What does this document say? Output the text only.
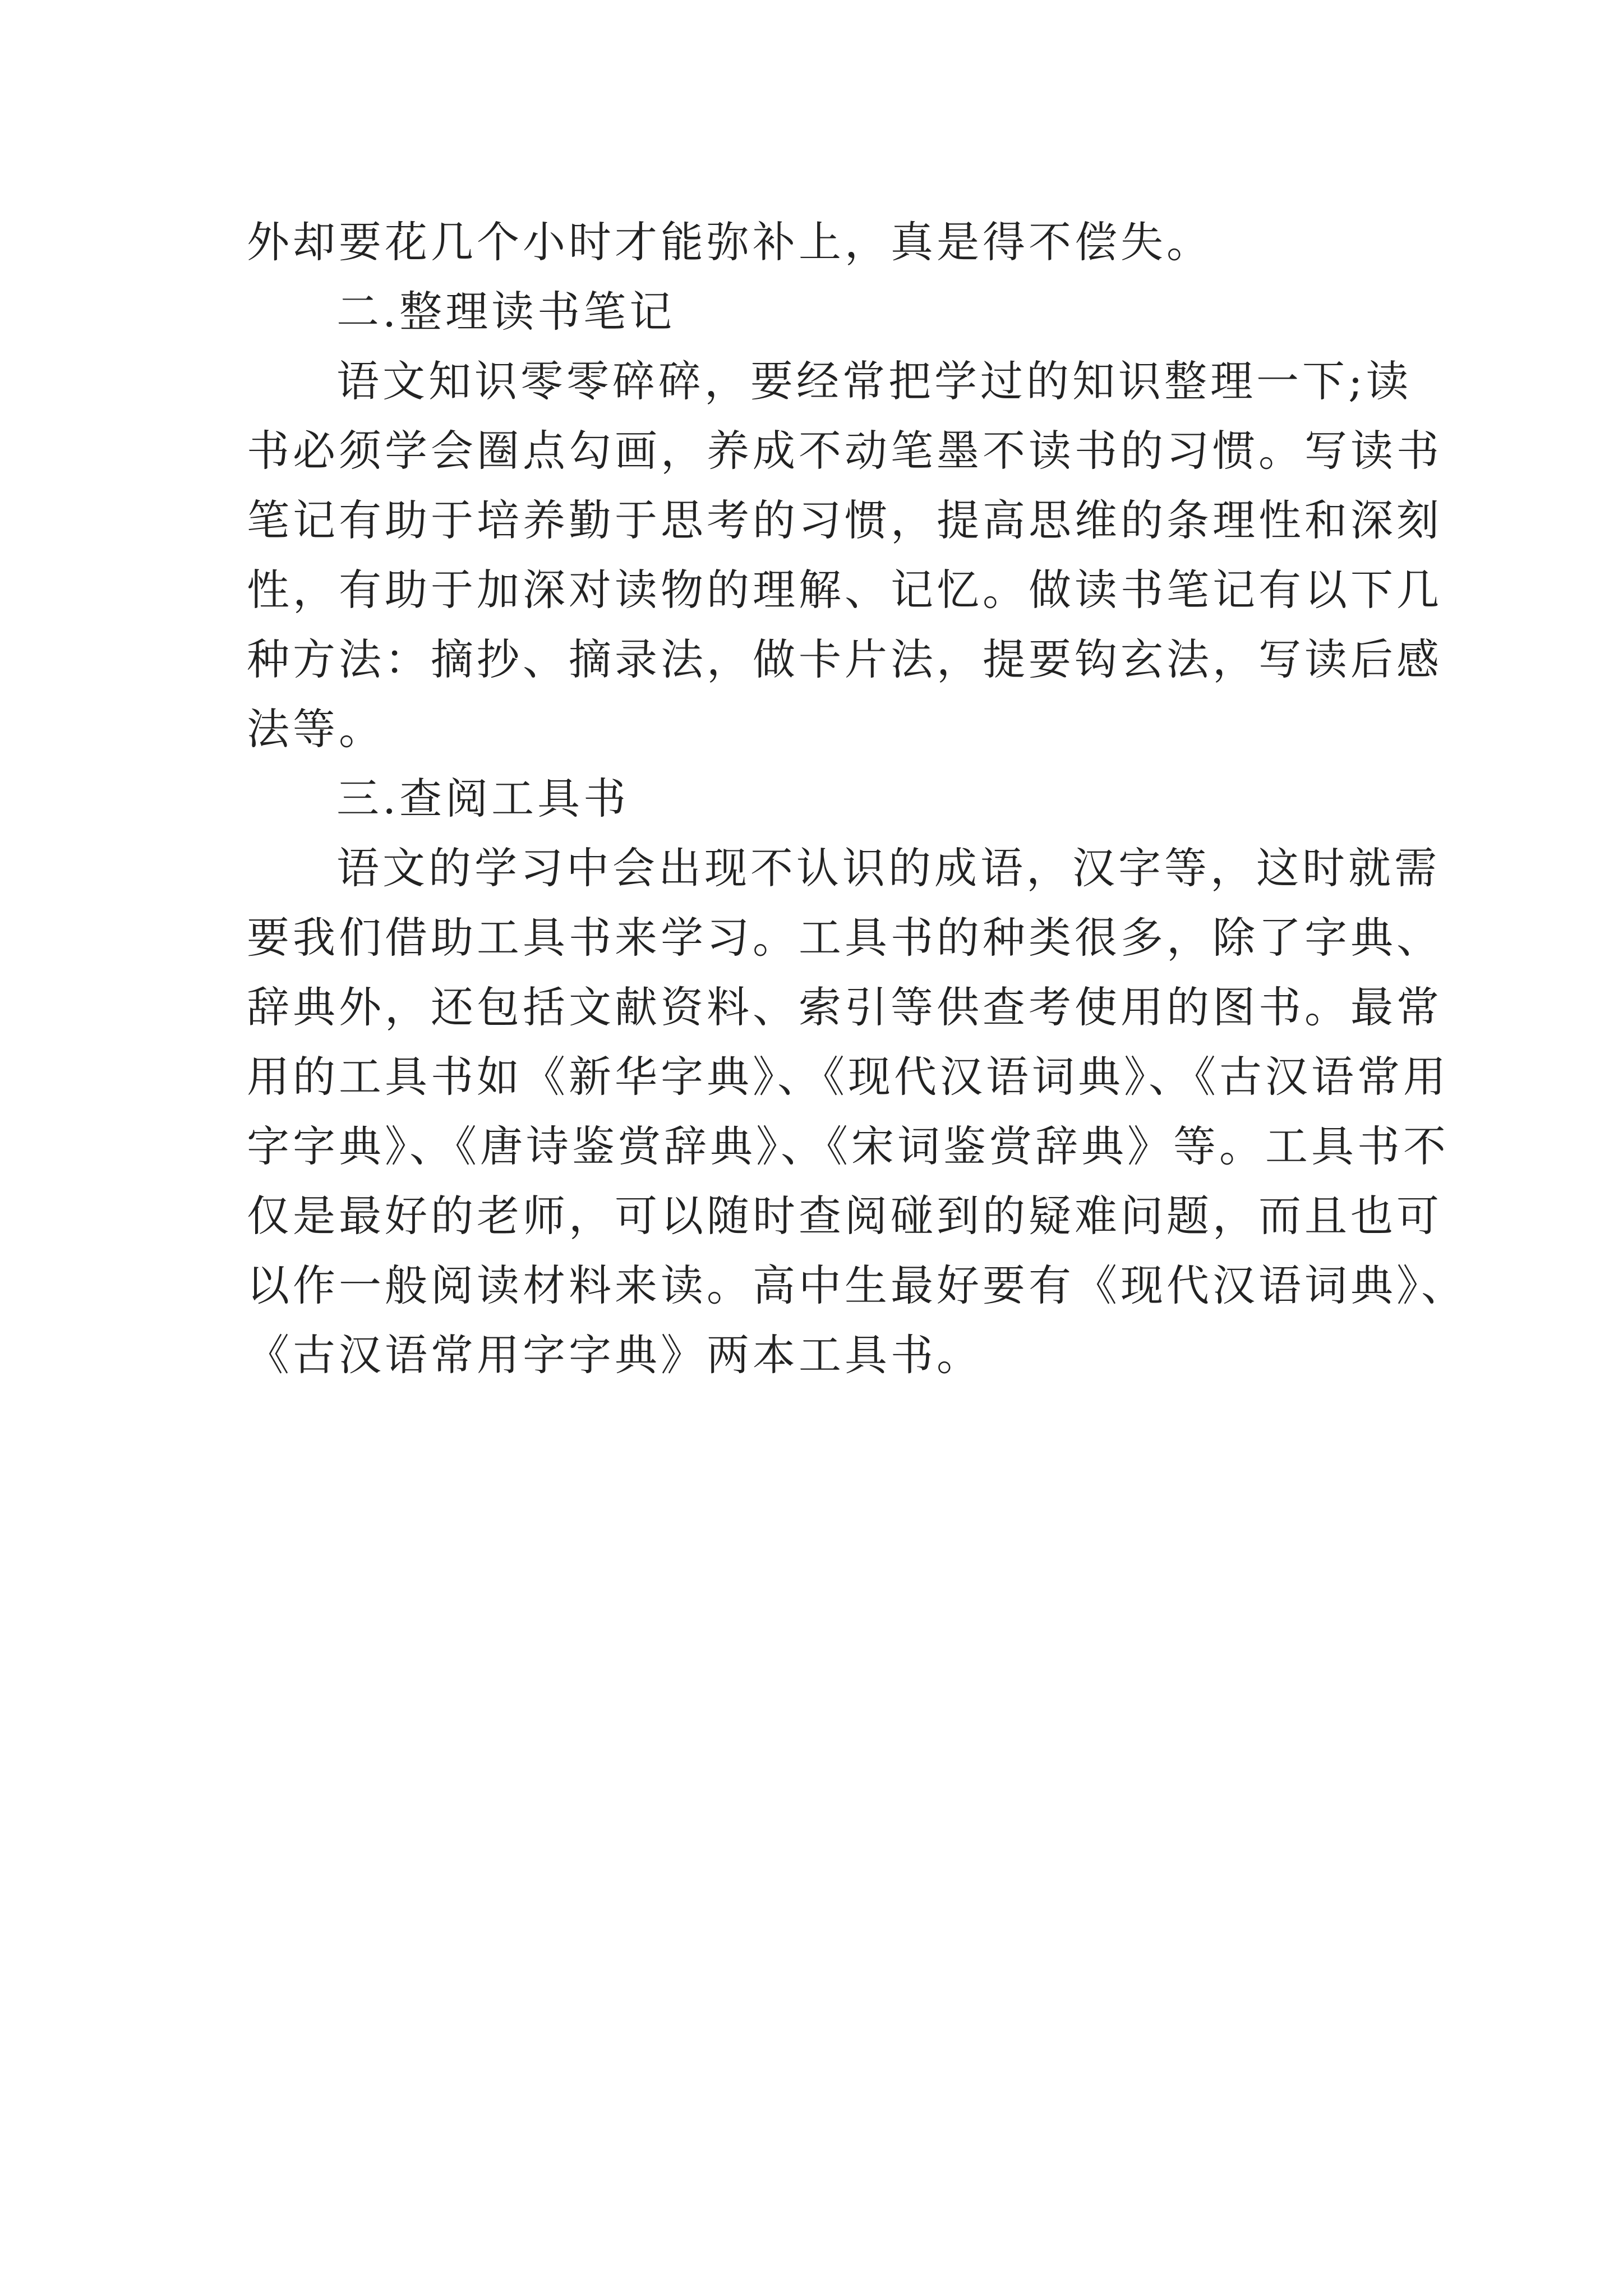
外却要花几个小时才能弥补上，真是得不偿失。
二.整理读书笔记
语文知识零零碎碎，要经常把学过的知识整理一下;读
书必须学会圈点勾画，养成不动笔墨不读书的习惯。写读书
笔记有助于培养勤于思考的习惯，提高思维的条理性和深刻
性，有助于加深对读物的理解、记忆。做读书笔记有以下几
种方法：摘抄、摘录法，做卡片法，提要钩玄法，写读后感
法等。
三.查阅工具书
语文的学习中会出现不认识的成语，汉字等，这时就需
要我们借助工具书来学习。工具书的种类很多，除了字典、
辞典外，还包括文献资料、索引等供查考使用的图书。最常
用的工具书如《新华字典》、《现代汉语词典》、《古汉语常用
字字典》、《唐诗鉴赏辞典》、《宋词鉴赏辞典》等。工具书不
仅是最好的老师，可以随时查阅碰到的疑难问题，而且也可
以作一般阅读材料来读。高中生最好要有《现代汉语词典》、
《古汉语常用字字典》两本工具书。
